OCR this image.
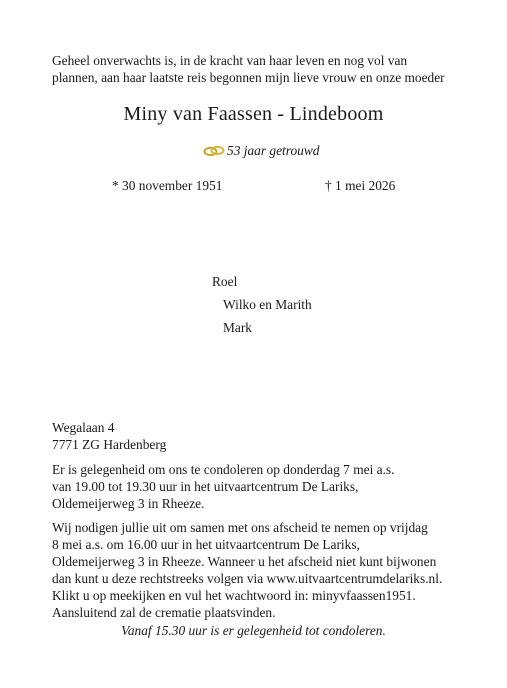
Geheel onverwachts is, in de kracht van haar leven en nog vol van
plannen, aan haar laatste reis begonnen mijn lieve vrouw en onze moeder
Miny van Faassen - Lindeboom
53 jaar getrouwd
* 30 november 1951	† 1 mei 2026
Roel
Wilko en Marith
Mark
Wegalaan 4
7771 ZG Hardenberg
Er is gelegenheid om ons te condoleren op donderdag 7 mei a.s.
van 19.00 tot 19.30 uur in het uitvaartcentrum De Lariks,
Oldemeijerweg 3 in Rheeze.
Wij nodigen jullie uit om samen met ons afscheid te nemen op vrijdag
8 mei a.s. om 16.00 uur in het uitvaartcentrum De Lariks,
Oldemeijerweg 3 in Rheeze. Wanneer u het afscheid niet kunt bijwonen
dan kunt u deze rechtstreeks volgen via www.uitvaartcentrumdelariks.nl.
Klikt u op meekijken en vul het wachtwoord in: minyvfaassen1951.
Aansluitend zal de crematie plaatsvinden.
Vanaf 15.30 uur is er gelegenheid tot condoleren.
